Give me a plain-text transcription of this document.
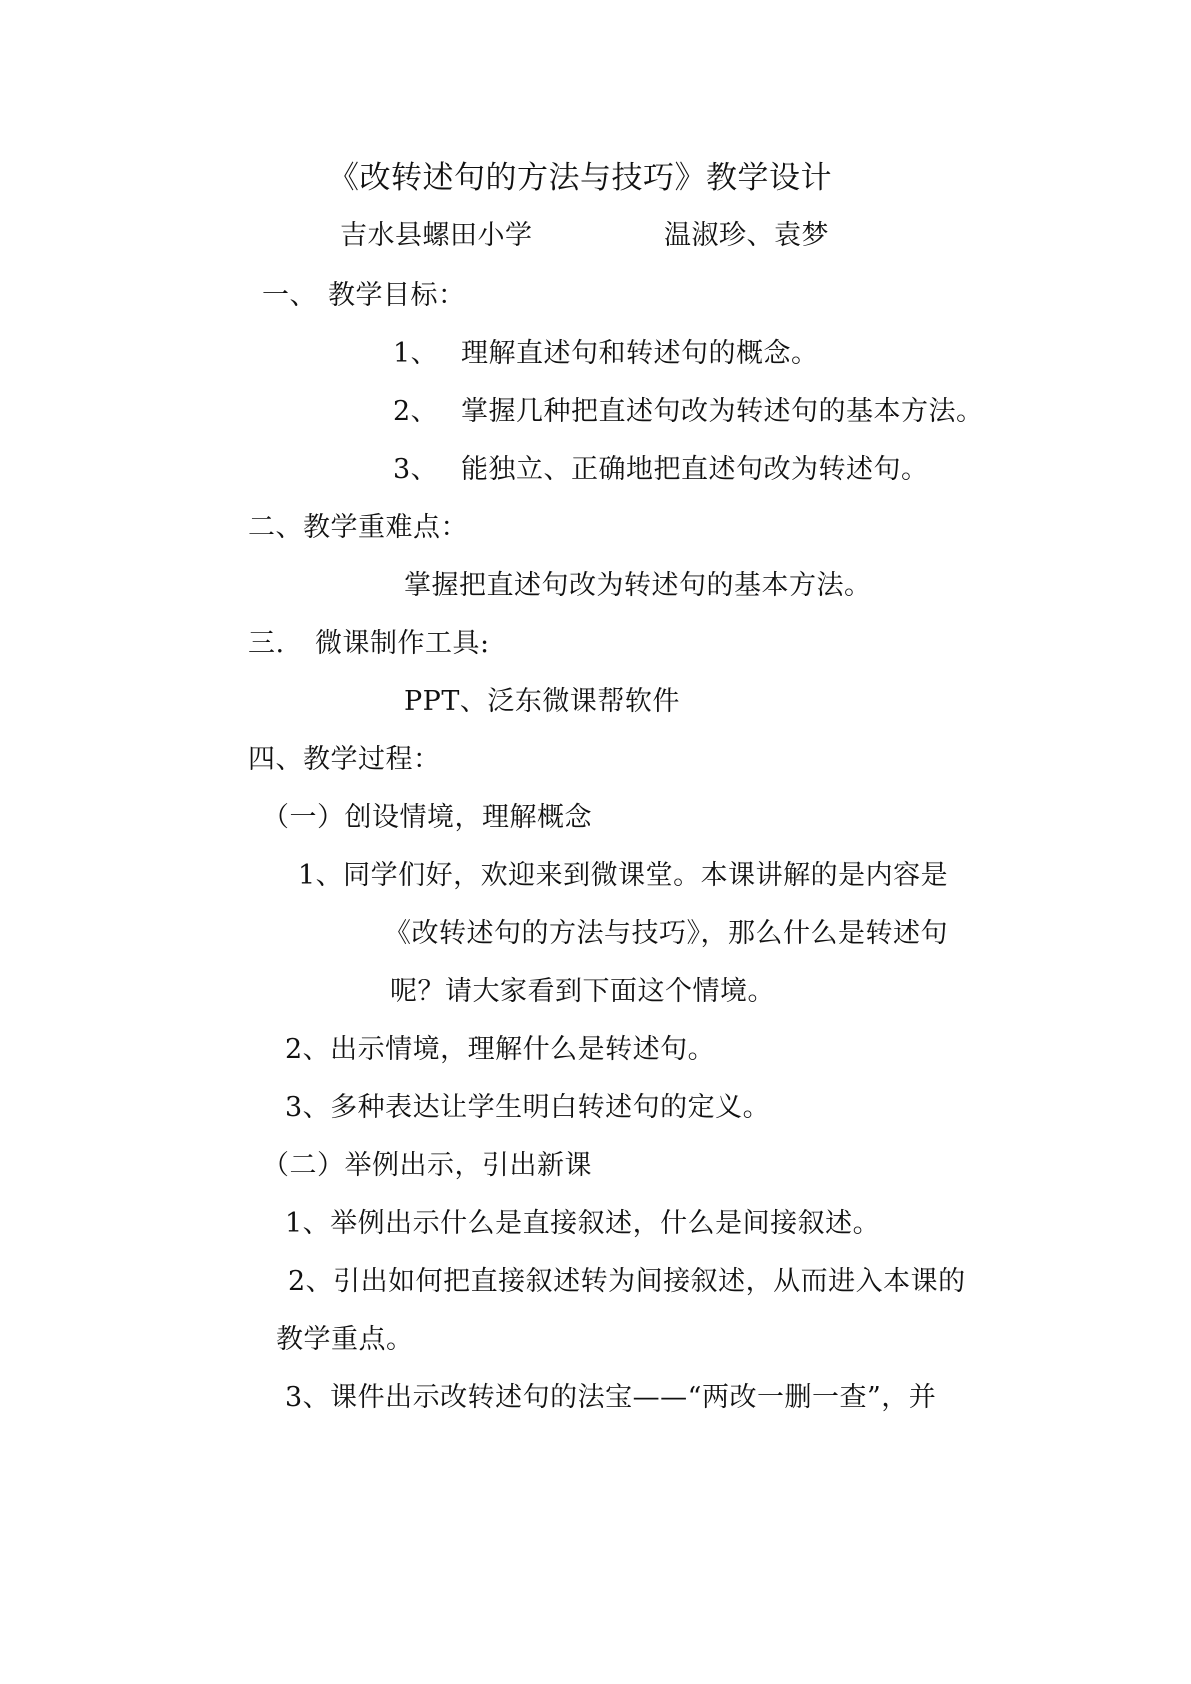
《改转述句的方法与技巧》教学设计
吉水县螺田小学	温淑珍、袁梦
一、 教学目标：
1、 理解直述句和转述句的概念。
2、 掌握几种把直述句改为转述句的基本方法。
3、 能独立、正确地把直述句改为转述句。
二、教学重难点：
掌握把直述句改为转述句的基本方法。
三. 微课制作工具:
PPT、泛东微课帮软件
四、教学过程：
（一）创设情境，理解概念
1、同学们好，欢迎来到微课堂。本课讲解的是内容是
《改转述句的方法与技巧》，那么什么是转述句
呢？请大家看到下面这个情境。
2、出示情境，理解什么是转述句。
3、多种表达让学生明白转述句的定义。
（二）举例出示，引出新课
1、举例出示什么是直接叙述，什么是间接叙述。
2、引出如何把直接叙述转为间接叙述，从而进入本课的
教学重点。
3、课件出示改转述句的法宝——“两改一删一查”，并
